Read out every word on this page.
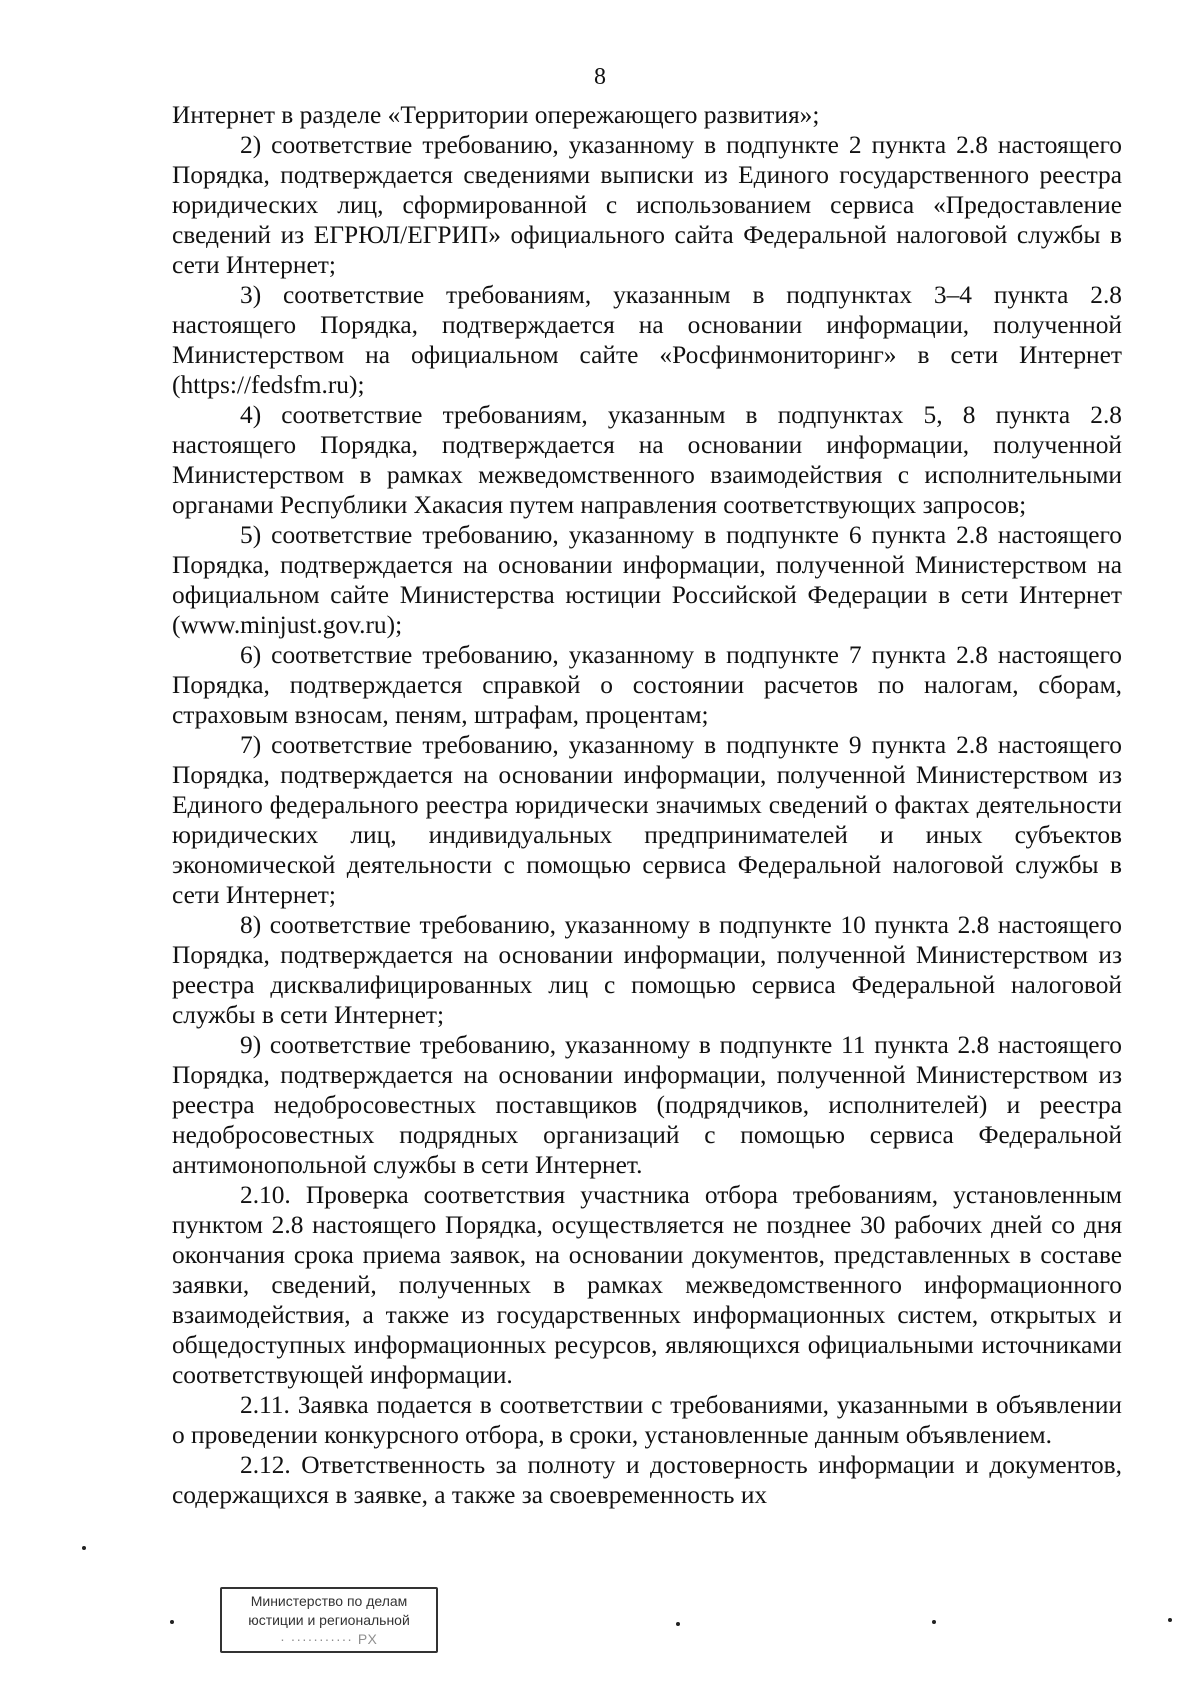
8

Интернет в разделе «Территории опережающего развития»;

2) соответствие требованию, указанному в подпункте 2 пункта 2.8 настоящего Порядка, подтверждается сведениями выписки из Единого государственного реестра юридических лиц, сформированной с использованием сервиса «Предоставление сведений из ЕГРЮЛ/ЕГРИП» официального сайта Федеральной налоговой службы в сети Интернет;

3) соответствие требованиям, указанным в подпунктах 3–4 пункта 2.8 настоящего Порядка, подтверждается на основании информации, полученной Министерством на официальном сайте «Росфинмониторинг» в сети Интернет (https://fedsfm.ru);

4) соответствие требованиям, указанным в подпунктах 5, 8 пункта 2.8 настоящего Порядка, подтверждается на основании информации, полученной Министерством в рамках межведомственного взаимодействия с исполнительными органами Республики Хакасия путем направления соответствующих запросов;

5) соответствие требованию, указанному в подпункте 6 пункта 2.8 настоящего Порядка, подтверждается на основании информации, полученной Министерством на официальном сайте Министерства юстиции Российской Федерации в сети Интернет (www.minjust.gov.ru);

6) соответствие требованию, указанному в подпункте 7 пункта 2.8 настоящего Порядка, подтверждается справкой о состоянии расчетов по налогам, сборам, страховым взносам, пеням, штрафам, процентам;

7) соответствие требованию, указанному в подпункте 9 пункта 2.8 настоящего Порядка, подтверждается на основании информации, полученной Министерством из Единого федерального реестра юридически значимых сведений о фактах деятельности юридических лиц, индивидуальных предпринимателей и иных субъектов экономической деятельности с помощью сервиса Федеральной налоговой службы в сети Интернет;

8) соответствие требованию, указанному в подпункте 10 пункта 2.8 настоящего Порядка, подтверждается на основании информации, полученной Министерством из реестра дисквалифицированных лиц с помощью сервиса Федеральной налоговой службы в сети Интернет;

9) соответствие требованию, указанному в подпункте 11 пункта 2.8 настоящего Порядка, подтверждается на основании информации, полученной Министерством из реестра недобросовестных поставщиков (подрядчиков, исполнителей) и реестра недобросовестных подрядных организаций с помощью сервиса Федеральной антимонопольной службы в сети Интернет.

2.10. Проверка соответствия участника отбора требованиям, установленным пунктом 2.8 настоящего Порядка, осуществляется не позднее 30 рабочих дней со дня окончания срока приема заявок, на основании документов, представленных в составе заявки, сведений, полученных в рамках межведомственного информационного взаимодействия, а также из государственных информационных систем, открытых и общедоступных информационных ресурсов, являющихся официальными источниками соответствующей информации.

2.11. Заявка подается в соответствии с требованиями, указанными в объявлении о проведении конкурсного отбора, в сроки, установленные данным объявлением.

2.12. Ответственность за полноту и достоверность информации и документов, содержащихся в заявке, а также за своевременность их

Министерство по делам
юстиции и региональной
· ··········· РХ
